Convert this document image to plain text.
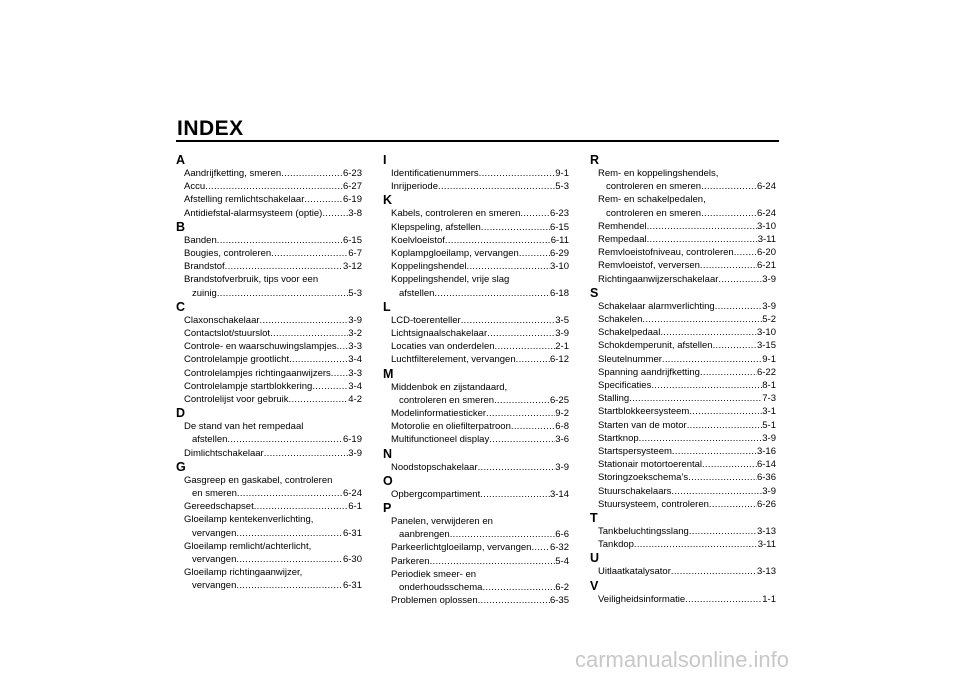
INDEX
A
Aandrijfketting, smeren .....	6-23
Accu .....	6-27
Afstelling remlichtschakelaar .....	6-19
Antidiefstal-alarmsysteem (optie) .....	3-8
B
Banden .....	6-15
Bougies, controleren .....	6-7
Brandstof .....	3-12
Brandstofverbruik, tips voor een
zuinig .....	5-3
C
Claxonschakelaar .....	3-9
Contactslot/stuurslot .....	3-2
Controle- en waarschuwingslampjes ..... 3-3
Controlelampje grootlicht .....	3-4
Controlelampjes richtingaanwijzers ..... 3-3
Controlelampje startblokkering .....	3-4
Controlelijst voor gebruik .....	4-2
D
De stand van het rempedaal
afstellen .....	6-19
Dimlichtschakelaar .....	3-9
G
Gasgreep en gaskabel, controleren
en smeren .....	6-24
Gereedschapset .....	6-1
Gloeilamp kentekenverlichting,
vervangen .....	6-31
Gloeilamp remlicht/achterlicht,
vervangen .....	6-30
Gloeilamp richtingaanwijzer,
vervangen .....	6-31
I
Identificatienummers .....	9-1
Inrijperiode .....	5-3
K
Kabels, controleren en smeren .....	6-23
Klepspeling, afstellen .....	6-15
Koelvloeistof .....	6-11
Koplampgloeilamp, vervangen .....	6-29
Koppelingshendel .....	3-10
Koppelingshendel, vrije slag
afstellen .....	6-18
L
LCD-toerenteller .....	3-5
Lichtsignaalschakelaar .....	3-9
Locaties van onderdelen .....	2-1
Luchtfilterelement, vervangen .....	6-12
M
Middenbok en zijstandaard,
controleren en smeren .....	6-25
Modelinformatiesticker .....	9-2
Motorolie en oliefilterpatroon .....	6-8
Multifunctioneel display .....	3-6
N
Noodstopschakelaar .....	3-9
O
Opbergcompartiment .....	3-14
P
Panelen, verwijderen en
aanbrengen .....	6-6
Parkeerlichtgloeilamp, vervangen ..... 6-32
Parkeren .....	5-4
Periodiek smeer- en
onderhoudsschema .....	6-2
Problemen oplossen .....	6-35
R
Rem- en koppelingshendels,
controleren en smeren .....	6-24
Rem- en schakelpedalen,
controleren en smeren .....	6-24
Remhendel .....	3-10
Rempedaal .....	3-11
Remvloeistofniveau, controleren ..... 6-20
Remvloeistof, verversen .....	6-21
Richtingaanwijzerschakelaar .....	3-9
S
Schakelaar alarmverlichting .....	3-9
Schakelen .....	5-2
Schakelpedaal .....	3-10
Schokdemperunit, afstellen .....	3-15
Sleutelnummer .....	9-1
Spanning aandrijfketting .....	6-22
Specificaties .....	8-1
Stalling .....	7-3
Startblokkeersysteem .....	3-1
Starten van de motor .....	5-1
Startknop .....	3-9
Startspersysteem .....	3-16
Stationair motortoerental .....	6-14
Storingzoekschema’s .....	6-36
Stuurschakelaars .....	3-9
Stuursysteem, controleren .....	6-26
T
Tankbeluchtingsslang .....	3-13
Tankdop .....	3-11
U
Uitlaatkatalysator .....	3-13
V
Veiligheidsinformatie .....	1-1
carmanualsonline.info
